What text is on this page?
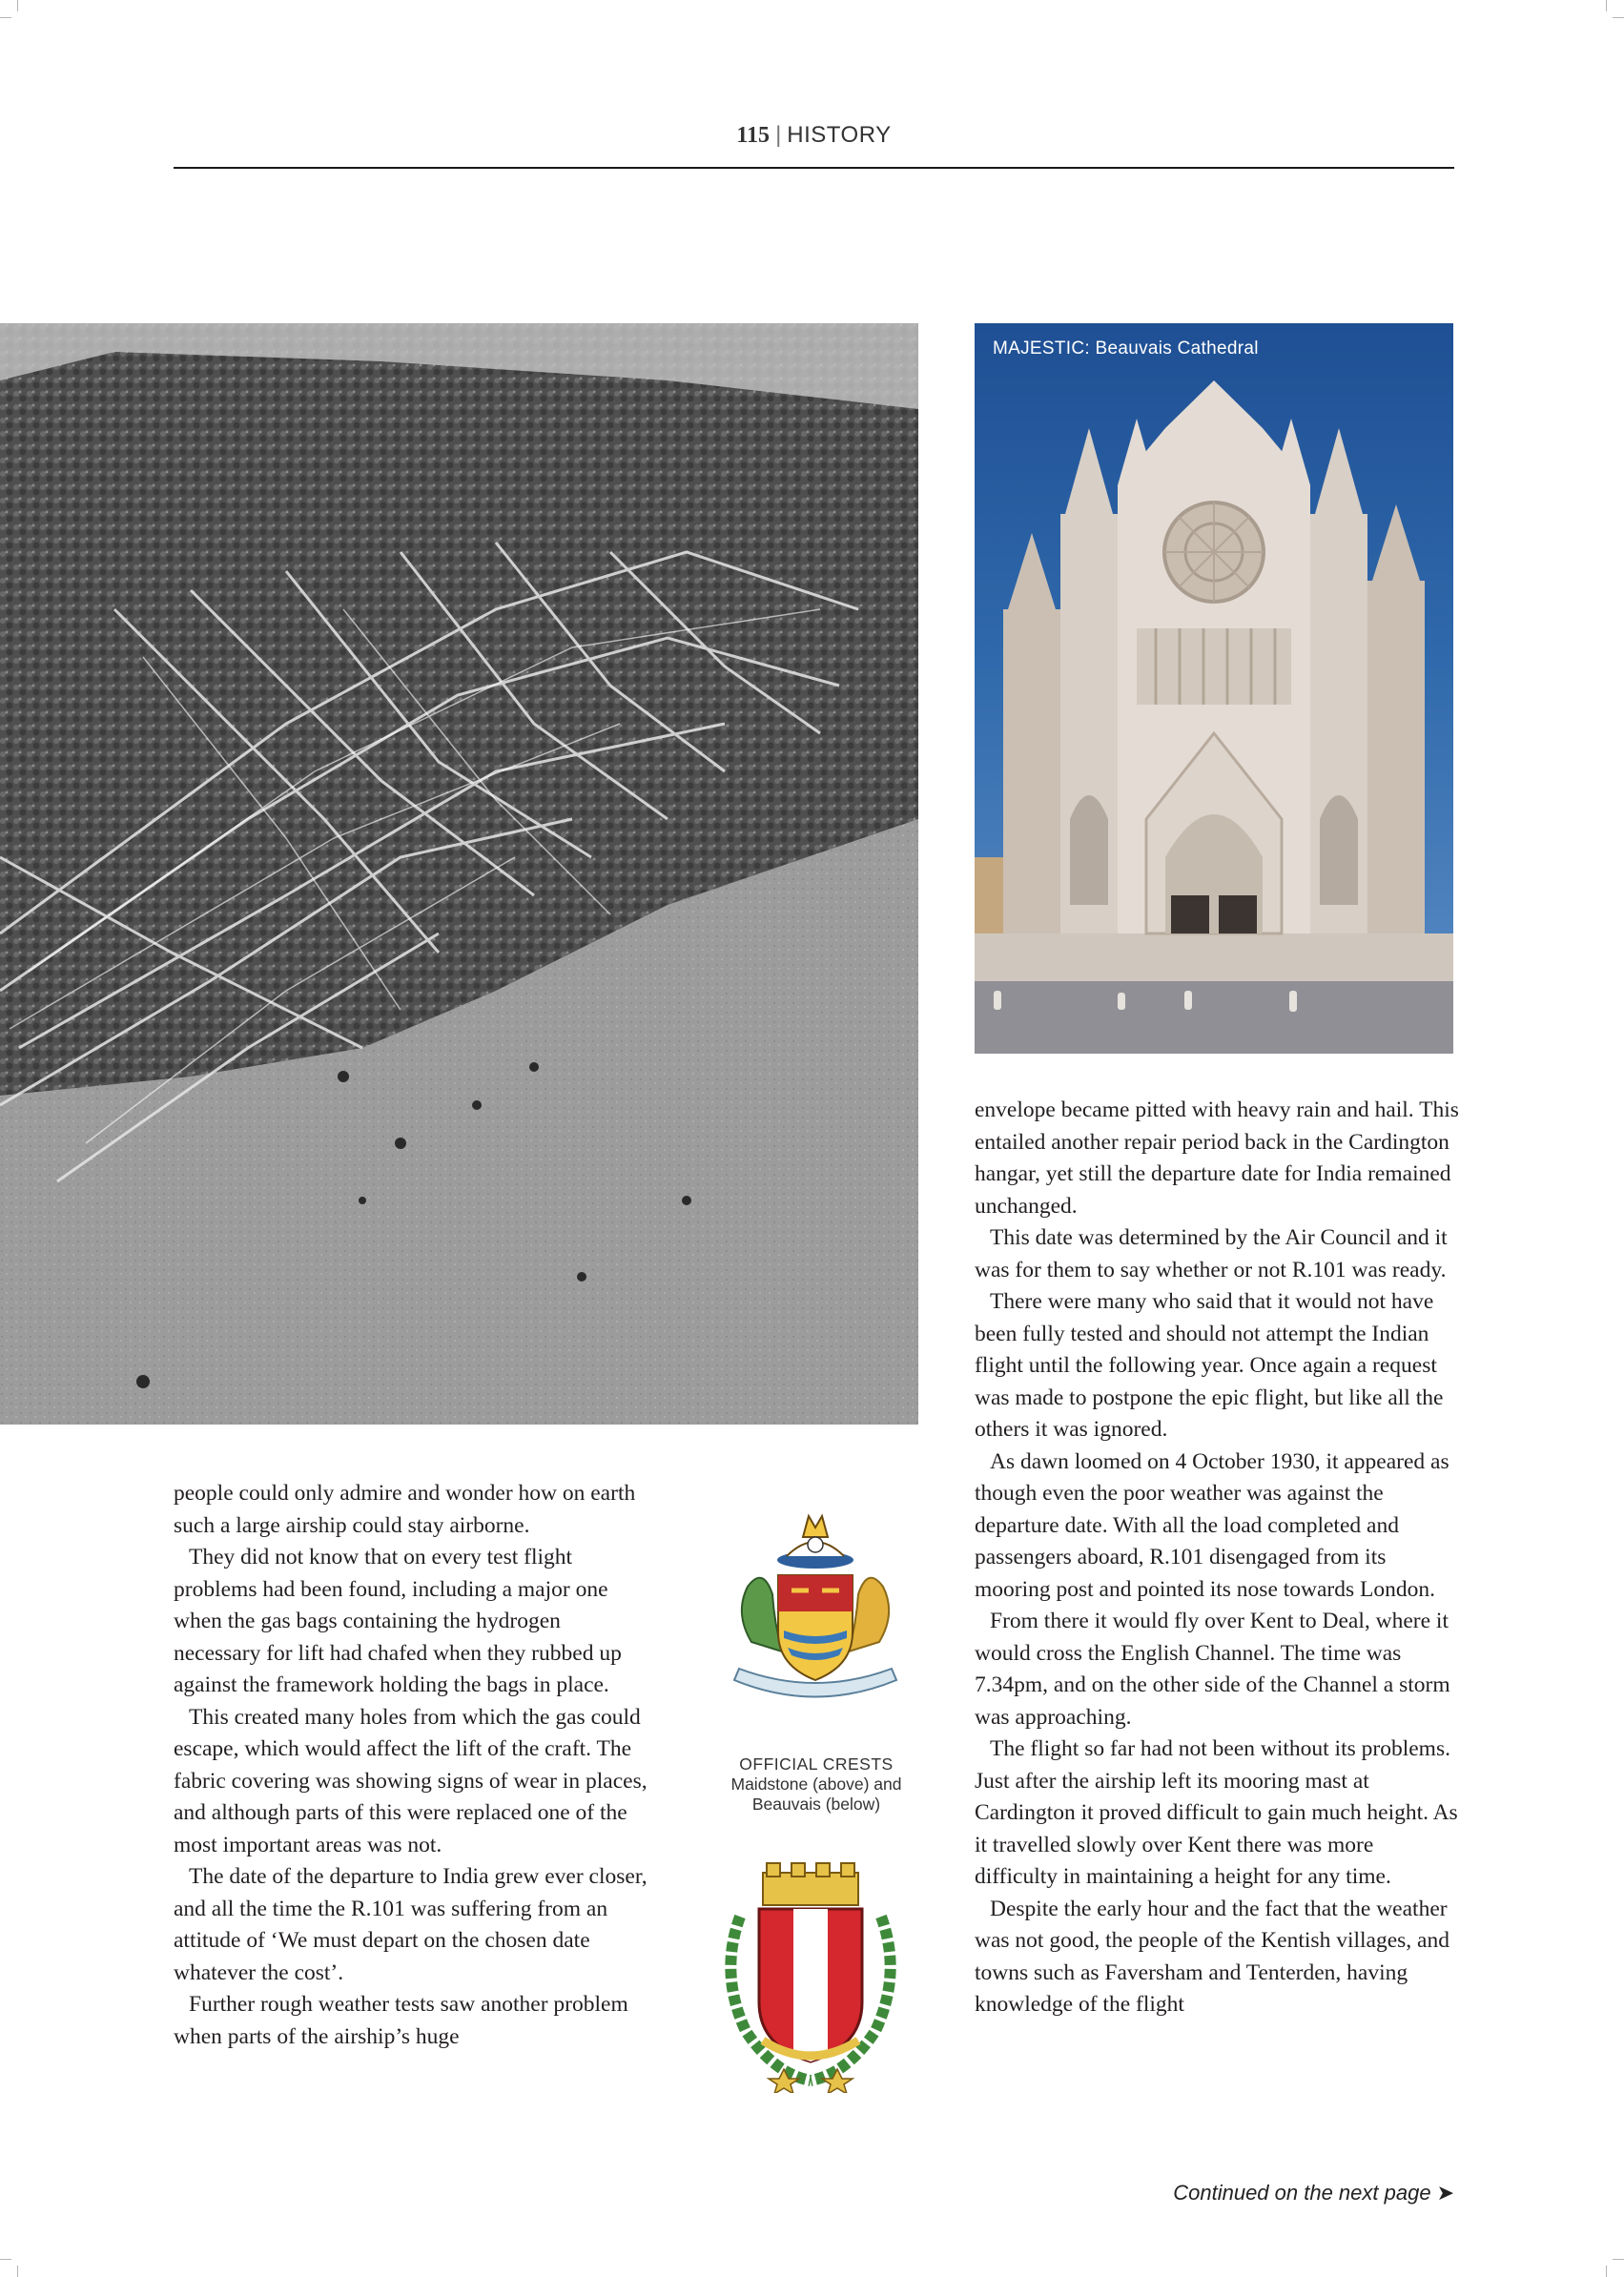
115 | HISTORY
MAJESTIC: Beauvais Cathedral

people could only admire and wonder how on earth such a large airship could stay airborne.

They did not know that on every test flight problems had been found, including a major one when the gas bags containing the hydrogen necessary for lift had chafed when they rubbed up against the framework holding the bags in place.

This created many holes from which the gas could escape, which would affect the lift of the craft. The fabric covering was showing signs of wear in places, and although parts of this were replaced one of the most important areas was not.

The date of the departure to India grew ever closer, and all the time the R.101 was suffering from an attitude of ‘We must depart on the chosen date whatever the cost’.

Further rough weather tests saw another problem when parts of the airship’s huge

OFFICIAL CRESTS
Maidstone (above) and
Beauvais (below)

envelope became pitted with heavy rain and hail. This entailed another repair period back in the Cardington hangar, yet still the departure date for India remained unchanged.

This date was determined by the Air Council and it was for them to say whether or not R.101 was ready.

There were many who said that it would not have been fully tested and should not attempt the Indian flight until the following year. Once again a request was made to postpone the epic flight, but like all the others it was ignored.

As dawn loomed on 4 October 1930, it appeared as though even the poor weather was against the departure date. With all the load completed and passengers aboard, R.101 disengaged from its mooring post and pointed its nose towards London.

From there it would fly over Kent to Deal, where it would cross the English Channel. The time was 7.34pm, and on the other side of the Channel a storm was approaching.

The flight so far had not been without its problems. Just after the airship left its mooring mast at Cardington it proved difficult to gain much height. As it travelled slowly over Kent there was more difficulty in maintaining a height for any time.

Despite the early hour and the fact that the weather was not good, the people of the Kentish villages, and towns such as Faversham and Tenterden, having knowledge of the flight

Continued on the next page ➤
